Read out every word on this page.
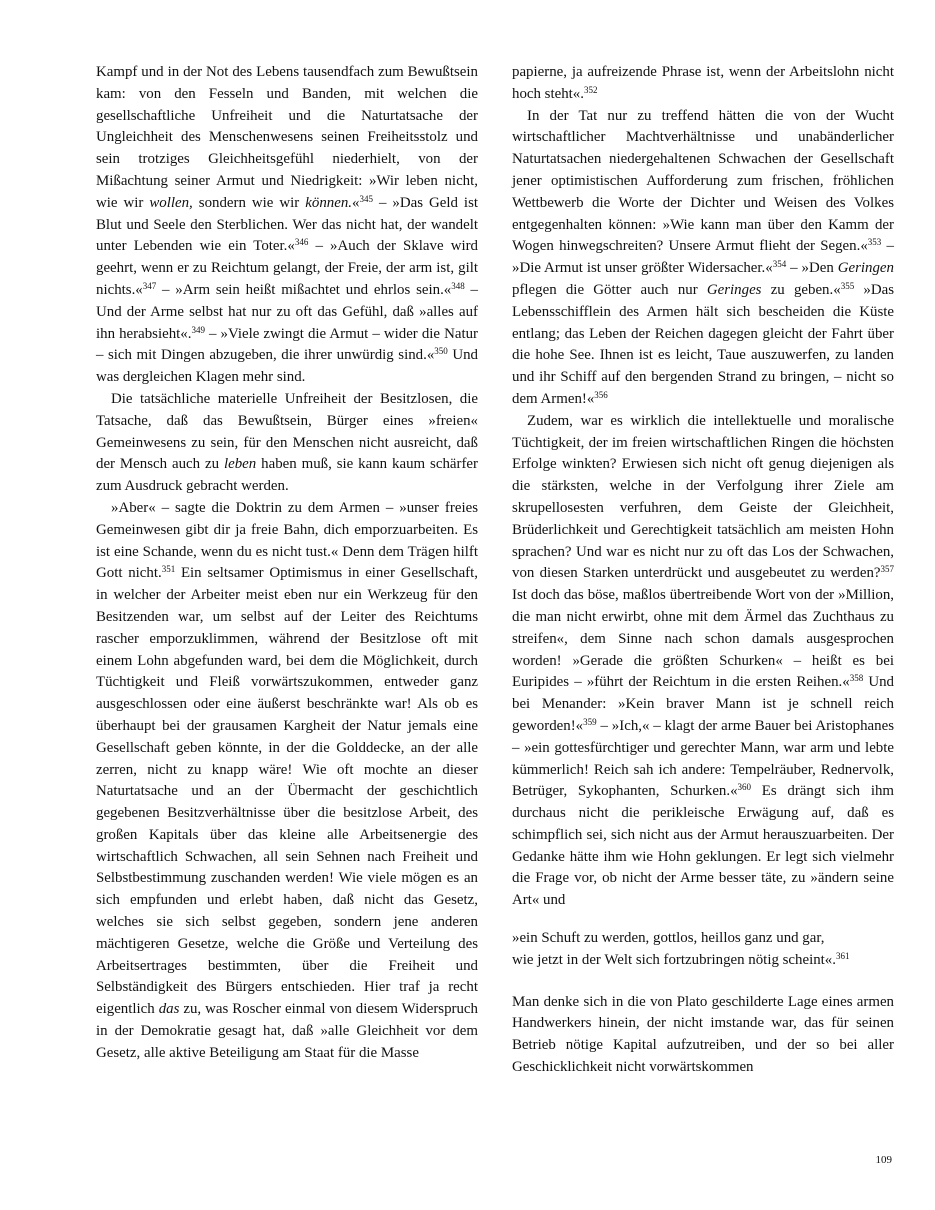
Kampf und in der Not des Lebens tausendfach zum Bewußtsein kam: von den Fesseln und Banden, mit welchen die gesellschaftliche Unfreiheit und die Naturtatsache der Ungleichheit des Menschenwesens seinen Freiheitsstolz und sein trotziges Gleichheitsgefühl niederhielt, von der Mißachtung seiner Armut und Niedrigkeit: »Wir leben nicht, wie wir wollen, sondern wie wir können.«$^{345}$ – »Das Geld ist Blut und Seele den Sterblichen. Wer das nicht hat, der wandelt unter Lebenden wie ein Toter.«$^{346}$ – »Auch der Sklave wird geehrt, wenn er zu Reichtum gelangt, der Freie, der arm ist, gilt nichts.«$^{347}$ – »Arm sein heißt mißachtet und ehrlos sein.«$^{348}$ – Und der Arme selbst hat nur zu oft das Gefühl, daß »alles auf ihn herabsieht«.$^{349}$ – »Viele zwingt die Armut – wider die Natur – sich mit Dingen abzugeben, die ihrer unwürdig sind.«$^{350}$ Und was dergleichen Klagen mehr sind.

Die tatsächliche materielle Unfreiheit der Besitzlosen, die Tatsache, daß das Bewußtsein, Bürger eines »freien« Gemeinwesens zu sein, für den Menschen nicht ausreicht, daß der Mensch auch zu leben haben muß, sie kann kaum schärfer zum Ausdruck gebracht werden.

»Aber« – sagte die Doktrin zu dem Armen – »unser freies Gemeinwesen gibt dir ja freie Bahn, dich emporzuarbeiten. Es ist eine Schande, wenn du es nicht tust.« Denn dem Trägen hilft Gott nicht.$^{351}$ Ein seltsamer Optimismus in einer Gesellschaft, in welcher der Arbeiter meist eben nur ein Werkzeug für den Besitzenden war, um selbst auf der Leiter des Reichtums rascher emporzuklimmen, während der Besitzlose oft mit einem Lohn abgefunden ward, bei dem die Möglichkeit, durch Tüchtigkeit und Fleiß vorwärtszukommen, entweder ganz ausgeschlossen oder eine äußerst beschränkte war! Als ob es überhaupt bei der grausamen Kargheit der Natur jemals eine Gesellschaft geben könnte, in der die Golddecke, an der alle zerren, nicht zu knapp wäre! Wie oft mochte an dieser Naturtatsache und an der Übermacht der geschichtlich gegebenen Besitzverhältnisse über die besitzlose Arbeit, des großen Kapitals über das kleine alle Arbeitsenergie des wirtschaftlich Schwachen, all sein Sehnen nach Freiheit und Selbstbestimmung zuschanden werden! Wie viele mögen es an sich empfunden und erlebt haben, daß nicht das Gesetz, welches sie sich selbst gegeben, sondern jene anderen mächtigeren Gesetze, welche die Größe und Verteilung des Arbeitsertrages bestimmten, über die Freiheit und Selbständigkeit des Bürgers entschieden. Hier traf ja recht eigentlich das zu, was Roscher einmal von diesem Widerspruch in der Demokratie gesagt hat, daß »alle Gleichheit vor dem Gesetz, alle aktive Beteiligung am Staat für die Masse

papierne, ja aufreizende Phrase ist, wenn der Arbeitslohn nicht hoch steht«.$^{352}$

In der Tat nur zu treffend hätten die von der Wucht wirtschaftlicher Machtverhältnisse und unabänderlicher Naturtatsachen niedergehaltenen Schwachen der Gesellschaft jener optimistischen Aufforderung zum frischen, fröhlichen Wettbewerb die Worte der Dichter und Weisen des Volkes entgegenhalten können: »Wie kann man über den Kamm der Wogen hinwegschreiten? Unsere Armut flieht der Segen.«$^{353}$ – »Die Armut ist unser größter Widersacher.«$^{354}$ – »Den Geringen pflegen die Götter auch nur Geringes zu geben.«$^{355}$ »Das Lebensschifflein des Armen hält sich bescheiden die Küste entlang; das Leben der Reichen dagegen gleicht der Fahrt über die hohe See. Ihnen ist es leicht, Taue auszuwerfen, zu landen und ihr Schiff auf den bergenden Strand zu bringen, – nicht so dem Armen!«$^{356}$

Zudem, war es wirklich die intellektuelle und moralische Tüchtigkeit, der im freien wirtschaftlichen Ringen die höchsten Erfolge winkten? Erwiesen sich nicht oft genug diejenigen als die stärksten, welche in der Verfolgung ihrer Ziele am skrupellosesten verfuhren, dem Geiste der Gleichheit, Brüderlichkeit und Gerechtigkeit tatsächlich am meisten Hohn sprachen? Und war es nicht nur zu oft das Los der Schwachen, von diesen Starken unterdrückt und ausgebeutet zu werden?$^{357}$ Ist doch das böse, maßlos übertreibende Wort von der »Million, die man nicht erwirbt, ohne mit dem Ärmel das Zuchthaus zu streifen«, dem Sinne nach schon damals ausgesprochen worden! »Gerade die größten Schurken« – heißt es bei Euripides – »führt der Reichtum in die ersten Reihen.«$^{358}$ Und bei Menander: »Kein braver Mann ist je schnell reich geworden!«$^{359}$ – »Ich,« – klagt der arme Bauer bei Aristophanes – »ein gottesfürchtiger und gerechter Mann, war arm und lebte kümmerlich! Reich sah ich andere: Tempelräuber, Rednervolk, Betrüger, Sykophanten, Schurken.«$^{360}$ Es drängt sich ihm durchaus nicht die perikleische Erwägung auf, daß es schimpflich sei, sich nicht aus der Armut herauszuarbeiten. Der Gedanke hätte ihm wie Hohn geklungen. Er legt sich vielmehr die Frage vor, ob nicht der Arme besser täte, zu »ändern seine Art« und

»ein Schuft zu werden, gottlos, heillos ganz und gar,
wie jetzt in der Welt sich fortzubringen nötig scheint«.$^{361}$

Man denke sich in die von Plato geschilderte Lage eines armen Handwerkers hinein, der nicht imstande war, das für seinen Betrieb nötige Kapital aufzutreiben, und der so bei aller Geschicklichkeit nicht vorwärtskommen

109
